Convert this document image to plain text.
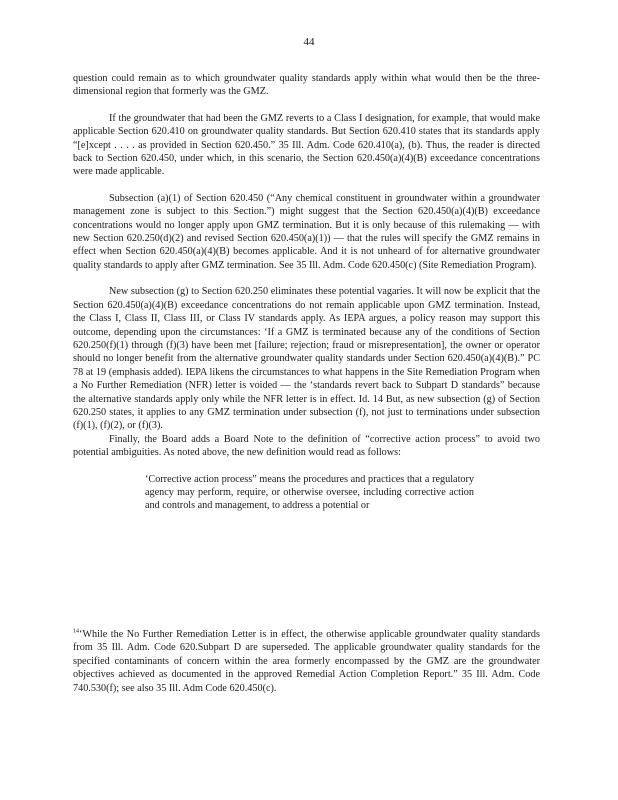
44

question could remain as to which groundwater quality standards apply within what would then be the three-dimensional region that formerly was the GMZ.

If the groundwater that had been the GMZ reverts to a Class I designation, for example, that would make applicable Section 620.410 on groundwater quality standards. But Section 620.410 states that its standards apply “[e]xcept . . . . as provided in Section 620.450.” 35 Ill. Adm. Code 620.410(a), (b). Thus, the reader is directed back to Section 620.450, under which, in this scenario, the Section 620.450(a)(4)(B) exceedance concentrations were made applicable.

Subsection (a)(1) of Section 620.450 (“Any chemical constituent in groundwater within a groundwater management zone is subject to this Section.”) might suggest that the Section 620.450(a)(4)(B) exceedance concentrations would no longer apply upon GMZ termination. But it is only because of this rulemaking — with new Section 620.250(d)(2) and revised Section 620.450(a)(1)) — that the rules will specify the GMZ remains in effect when Section 620.450(a)(4)(B) becomes applicable. And it is not unheard of for alternative groundwater quality standards to apply after GMZ termination. See 35 Ill. Adm. Code 620.450(c) (Site Remediation Program).

New subsection (g) to Section 620.250 eliminates these potential vagaries. It will now be explicit that the Section 620.450(a)(4)(B) exceedance concentrations do not remain applicable upon GMZ termination. Instead, the Class I, Class II, Class III, or Class IV standards apply. As IEPA argues, a policy reason may support this outcome, depending upon the circumstances: ‘If a GMZ is terminated because any of the conditions of Section 620.250(f)(1) through (f)(3) have been met [failure; rejection; fraud or misrepresentation], the owner or operator should no longer benefit from the alternative groundwater quality standards under Section 620.450(a)(4)(B).” PC 78 at 19 (emphasis added). IEPA likens the circumstances to what happens in the Site Remediation Program when a No Further Remediation (NFR) letter is voided — the ‘standards revert back to Subpart D standards” because the alternative standards apply only while the NFR letter is in effect. Id. 14 But, as new subsection (g) of Section 620.250 states, it applies to any GMZ termination under subsection (f), not just to terminations under subsection (f)(1), (f)(2), or (f)(3).

Finally, the Board adds a Board Note to the definition of “corrective action process” to avoid two potential ambiguities. As noted above, the new definition would read as follows:

‘Corrective action process” means the procedures and practices that a regulatory agency may perform, require, or otherwise oversee, including corrective action and controls and management, to address a potential or
$^{14}$‘While the No Further Remediation Letter is in effect, the otherwise applicable groundwater quality standards from 35 Ill. Adm. Code 620.Subpart D are superseded. The applicable groundwater quality standards for the specified contaminants of concern within the area formerly encompassed by the GMZ are the groundwater objectives achieved as documented in the approved Remedial Action Completion Report.” 35 Ill. Adm. Code 740.530(f); see also 35 Ill. Adm Code 620.450(c).
